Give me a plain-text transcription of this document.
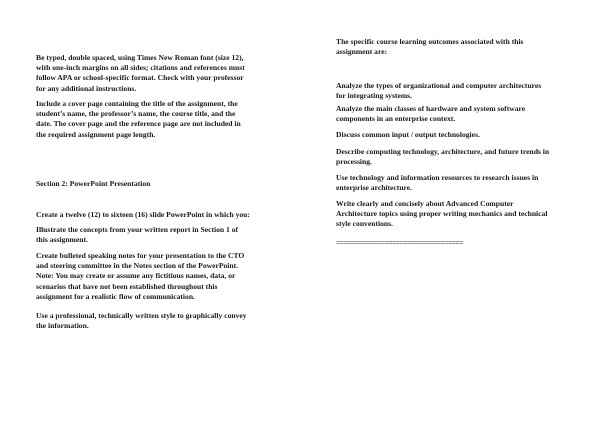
Be typed, double spaced, using Times New Roman font (size 12),
with one-inch margins on all sides; citations and references must
follow APA or school-specific format. Check with your professor
for any additional instructions.

Include a cover page containing the title of the assignment, the
student’s name, the professor’s name, the course title, and the
date. The cover page and the reference page are not included in
the required assignment page length.

Section 2: PowerPoint Presentation

Create a twelve (12) to sixteen (16) slide PowerPoint in which you:

Illustrate the concepts from your written report in Section 1 of
this assignment.

Create bulleted speaking notes for your presentation to the CTO
and steering committee in the Notes section of the PowerPoint.
Note: You may create or assume any fictitious names, data, or
scenarios that have not been established throughout this
assignment for a realistic flow of communication.

Use a professional, technically written style to graphically convey
the information.

The specific course learning outcomes associated with this
assignment are:

Analyze the types of organizational and computer architectures
for integrating systems.

Analyze the main classes of hardware and system software
components in an enterprise context.

Discuss common input / output technologies.

Describe computing technology, architecture, and future trends in
processing.

Use technology and information resources to research issues in
enterprise architecture.

Write clearly and concisely about Advanced Computer
Architecture topics using proper writing mechanics and technical
style conventions.

==================================
